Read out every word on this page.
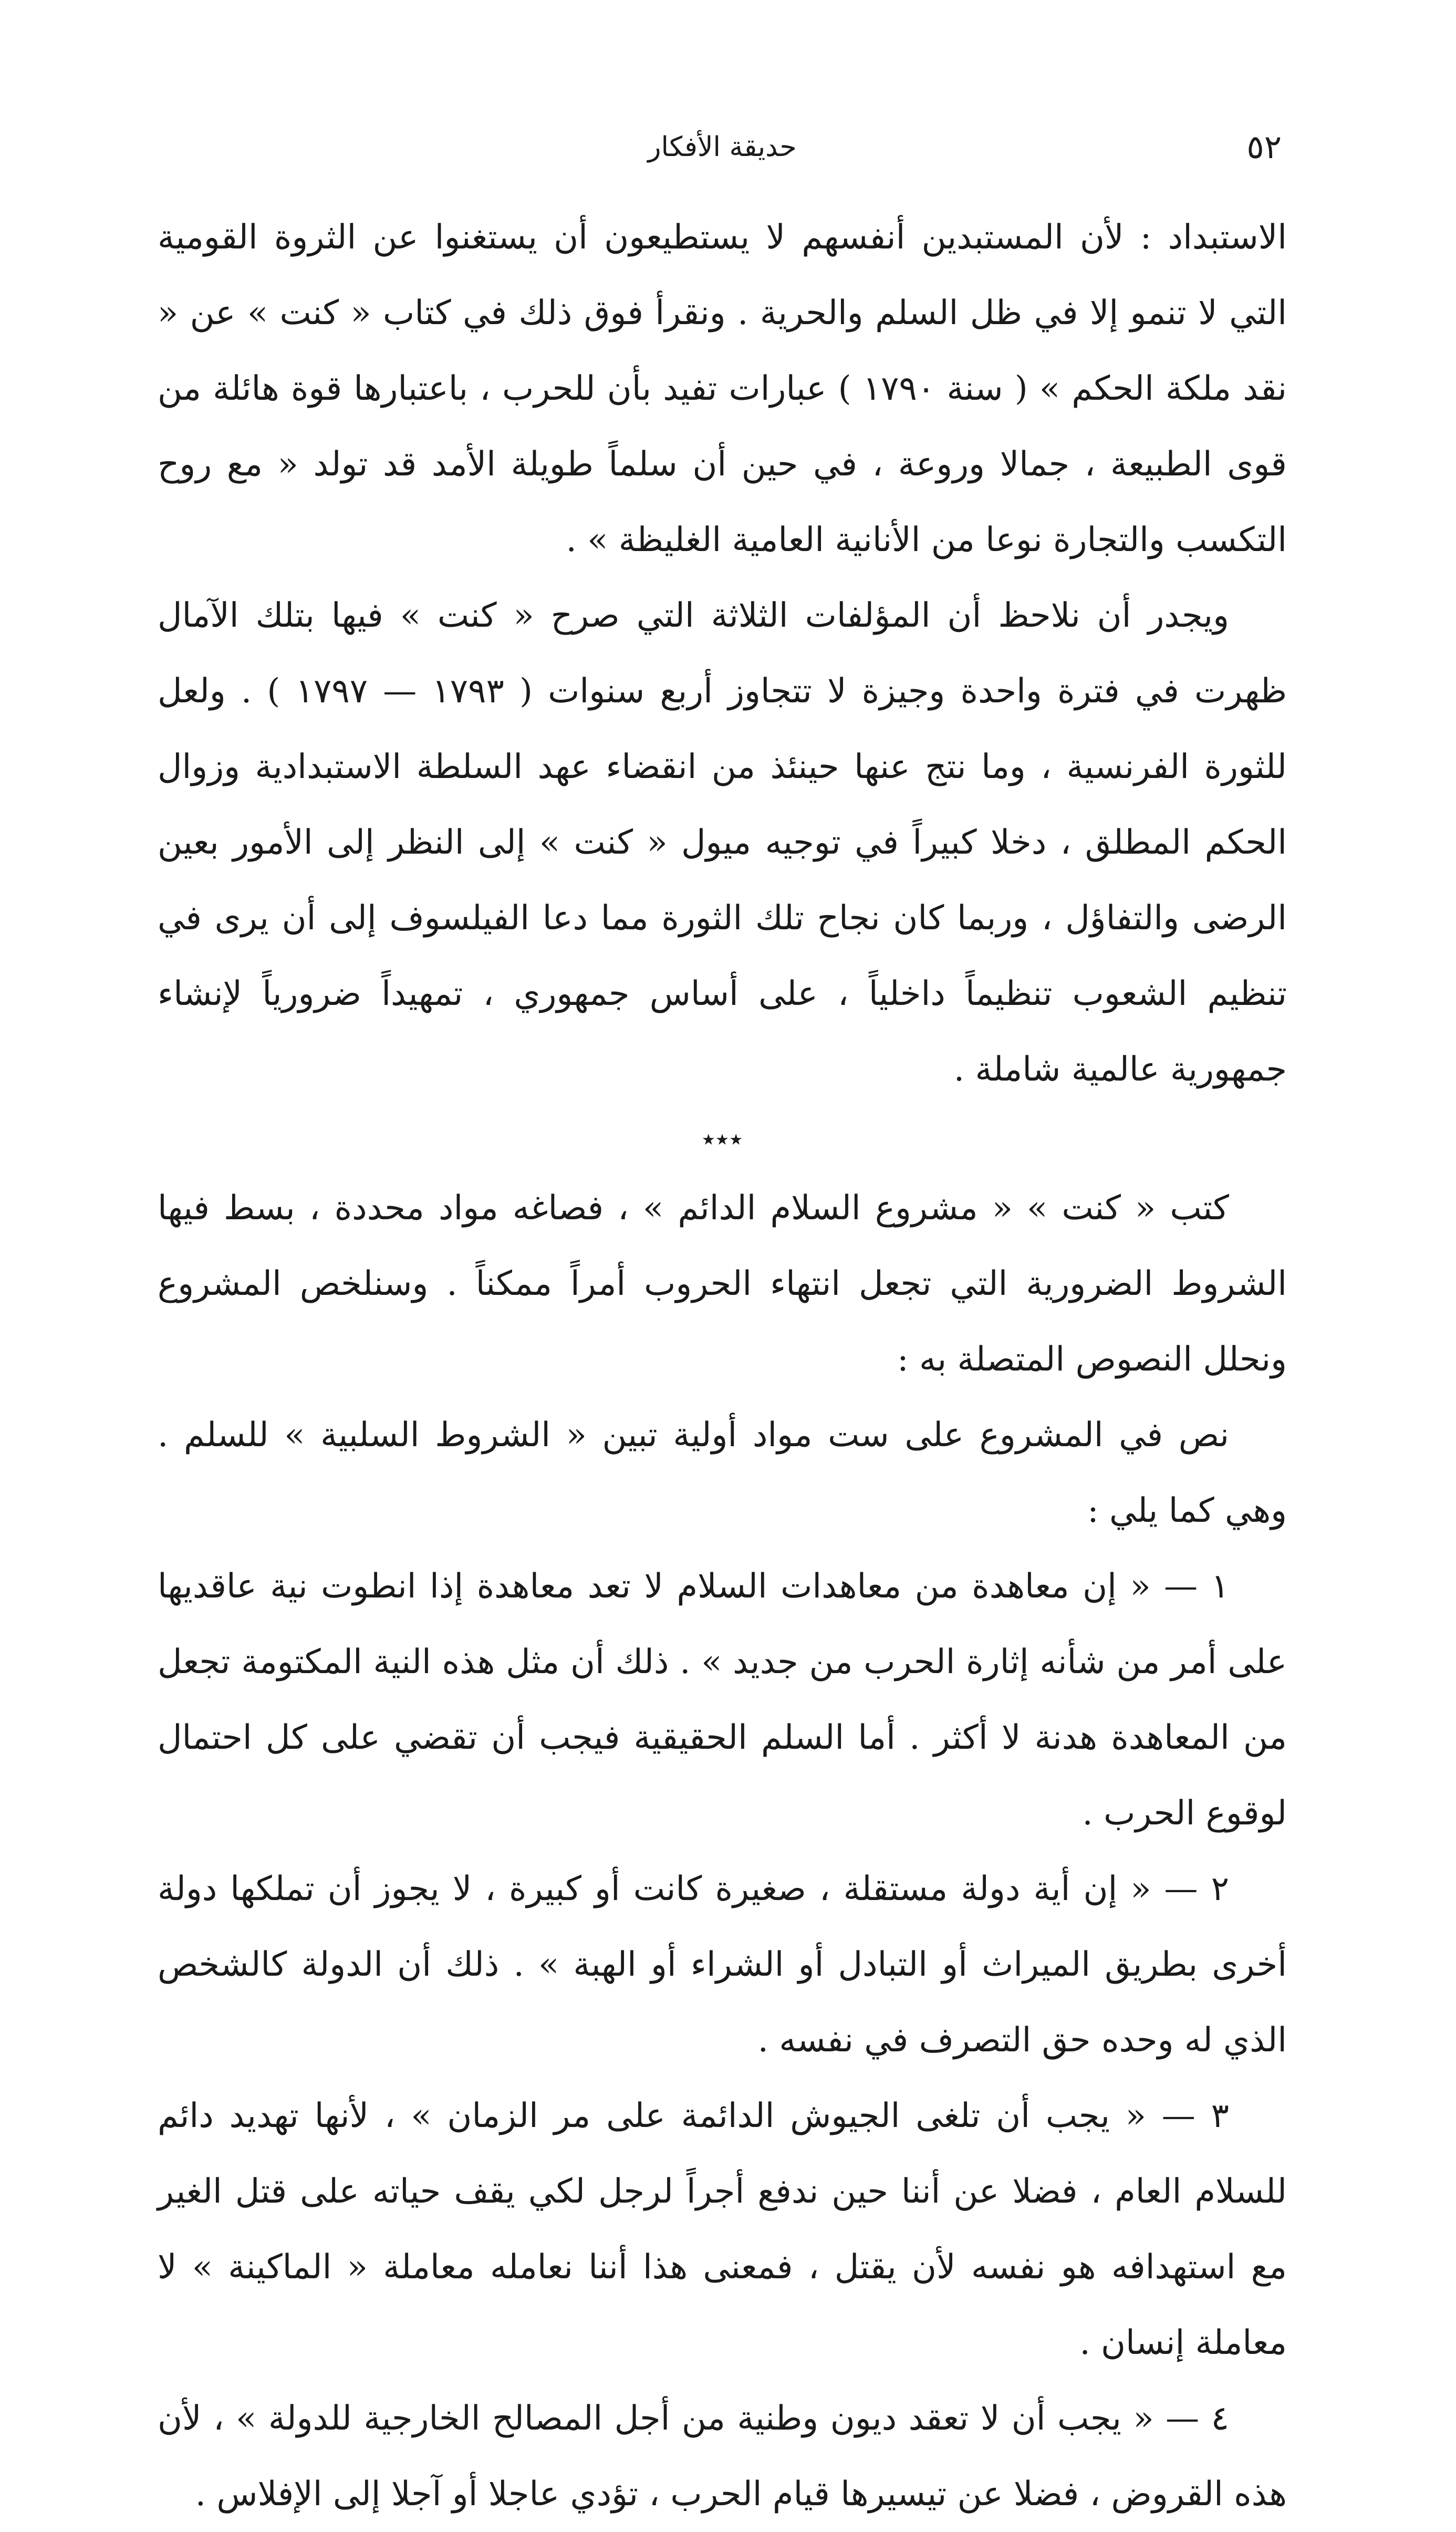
٥٢
حديقة الأفكار

الاستبداد : لأن المستبدين أنفسهم لا يستطيعون أن يستغنوا عن الثروة القومية التي لا تنمو إلا في ظل السلم والحرية . ونقرأ فوق ذلك في كتاب « كنت » عن « نقد ملكة الحكم » ( سنة ١٧٩٠ ) عبارات تفيد بأن للحرب ، باعتبارها قوة هائلة من قوى الطبيعة ، جمالا وروعة ، في حين أن سلماً طويلة الأمد قد تولد « مع روح التكسب والتجارة نوعا من الأنانية العامية الغليظة » .

ويجدر أن نلاحظ أن المؤلفات الثلاثة التي صرح « كنت » فيها بتلك الآمال ظهرت في فترة واحدة وجيزة لا تتجاوز أربع سنوات ( ١٧٩٣ — ١٧٩٧ ) . ولعل للثورة الفرنسية ، وما نتج عنها حينئذ من انقضاء عهد السلطة الاستبدادية وزوال الحكم المطلق ، دخلا كبيراً في توجيه ميول « كنت » إلى النظر إلى الأمور بعين الرضى والتفاؤل ، وربما كان نجاح تلك الثورة مما دعا الفيلسوف إلى أن يرى في تنظيم الشعوب تنظيماً داخلياً ، على أساس جمهوري ، تمهيداً ضرورياً لإنشاء جمهورية عالمية شاملة .

٭٭٭

كتب « كنت » « مشروع السلام الدائم » ، فصاغه مواد محددة ، بسط فيها الشروط الضرورية التي تجعل انتهاء الحروب أمراً ممكناً . وسنلخص المشروع ونحلل النصوص المتصلة به :

نص في المشروع على ست مواد أولية تبين « الشروط السلبية » للسلم . وهي كما يلي :

١ — « إن معاهدة من معاهدات السلام لا تعد معاهدة إذا انطوت نية عاقديها على أمر من شأنه إثارة الحرب من جديد » . ذلك أن مثل هذه النية المكتومة تجعل من المعاهدة هدنة لا أكثر . أما السلم الحقيقية فيجب أن تقضي على كل احتمال لوقوع الحرب .

٢ — « إن أية دولة مستقلة ، صغيرة كانت أو كبيرة ، لا يجوز أن تملكها دولة أخرى بطريق الميراث أو التبادل أو الشراء أو الهبة » . ذلك أن الدولة كالشخص الذي له وحده حق التصرف في نفسه .

٣ — « يجب أن تلغى الجيوش الدائمة على مر الزمان » ، لأنها تهديد دائم للسلام العام ، فضلا عن أننا حين ندفع أجراً لرجل لكي يقف حياته على قتل الغير مع استهدافه هو نفسه لأن يقتل ، فمعنى هذا أننا نعامله معاملة « الماكينة » لا معاملة إنسان .

٤ — « يجب أن لا تعقد ديون وطنية من أجل المصالح الخارجية للدولة » ، لأن هذه القروض ، فضلا عن تيسيرها قيام الحرب ، تؤدي عاجلا أو آجلا إلى الإفلاس .
